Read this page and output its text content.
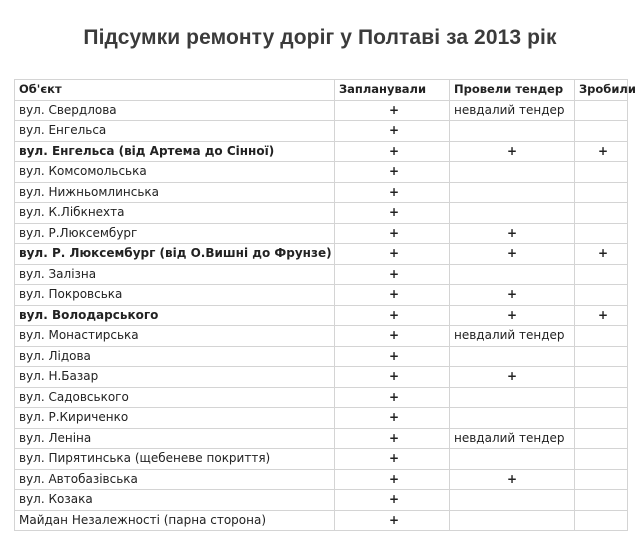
Підсумки ремонту доріг у Полтаві за 2013 рік
Об'єкт	Запланували	Провели тендер	Зробили
вул. Свердлова	+	невдалий тендер	
вул. Енгельса	+		
вул. Енгельса (від Артема до Сінної)	+	+	+
вул. Комсомольська	+		
вул. Нижньомлинська	+		
вул. К.Лібкнехта	+		
вул. Р.Люксембург	+	+	
вул. Р. Люксембург (від О.Вишні до Фрунзе)	+	+	+
вул. Залізна	+		
вул. Покровська	+	+	
вул. Володарського	+	+	+
вул. Монастирська	+	невдалий тендер	
вул. Лідова	+		
вул. Н.Базар	+	+	
вул. Садовського	+		
вул. Р.Кириченко	+		
вул. Леніна	+	невдалий тендер	
вул. Пирятинська (щебеневе покриття)	+		
вул. Автобазівська	+	+	
вул. Козака	+		
Майдан Незалежності (парна сторона)	+		
